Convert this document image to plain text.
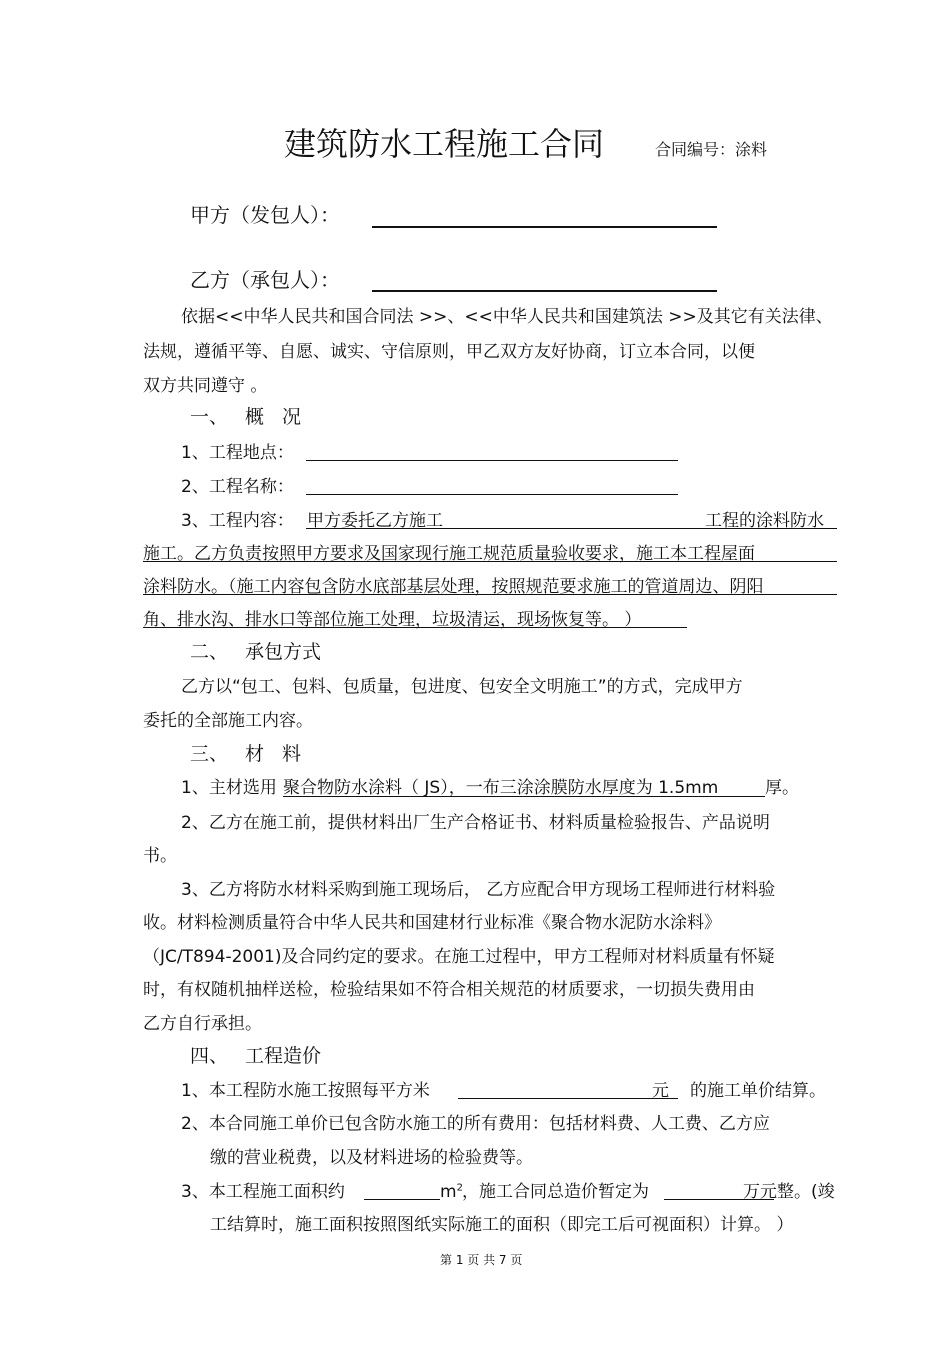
建筑防水工程施工合同	合同编号：涂料
甲方（发包人）：
乙方（承包人）：
依据<<中华人民共和国合同法 >>、<<中华人民共和国建筑法 >>及其它有关法律、
法规，遵循平等、自愿、诚实、守信原则，甲乙双方友好协商，订立本合同，以便
双方共同遵守 。
一、 概 况
1、工程地点：
2、工程名称：
3、工程内容： 甲方委托乙方施工	工程的涂料防水
施工。乙方负责按照甲方要求及国家现行施工规范质量验收要求，施工本工程屋面
涂料防水。（施工内容包含防水底部基层处理，按照规范要求施工的管道周边、阴阳
角、排水沟、排水口等部位施工处理，垃圾清运，现场恢复等。 ）
二、 承包方式
乙方以“包工、包料、包质量，包进度、包安全文明施工”的方式，完成甲方
委托的全部施工内容。
三、 材 料
1、主材选用 聚合物防水涂料（ JS），一布三涂涂膜防水厚度为 1.5mm	厚。
2、乙方在施工前，提供材料出厂生产合格证书、材料质量检验报告、产品说明
书。
3、乙方将防水材料采购到施工现场后， 乙方应配合甲方现场工程师进行材料验
收。材料检测质量符合中华人民共和国建材行业标准《聚合物水泥防水涂料》
（JC/T894-2001)及合同约定的要求。在施工过程中，甲方工程师对材料质量有怀疑
时，有权随机抽样送检，检验结果如不符合相关规范的材质要求，一切损失费用由
乙方自行承担。
四、 工程造价
1、本工程防水施工按照每平方米	元 的施工单价结算。
2、本合同施工单价已包含防水施工的所有费用：包括材料费、人工费、乙方应
缴的营业税费，以及材料进场的检验费等。
3、本工程施工面积约	$m^2$ ，施工合同总造价暂定为	万元整。(竣
工结算时，施工面积按照图纸实际施工的面积（即完工后可视面积）计算。 ）
第 1 页 共 7 页
